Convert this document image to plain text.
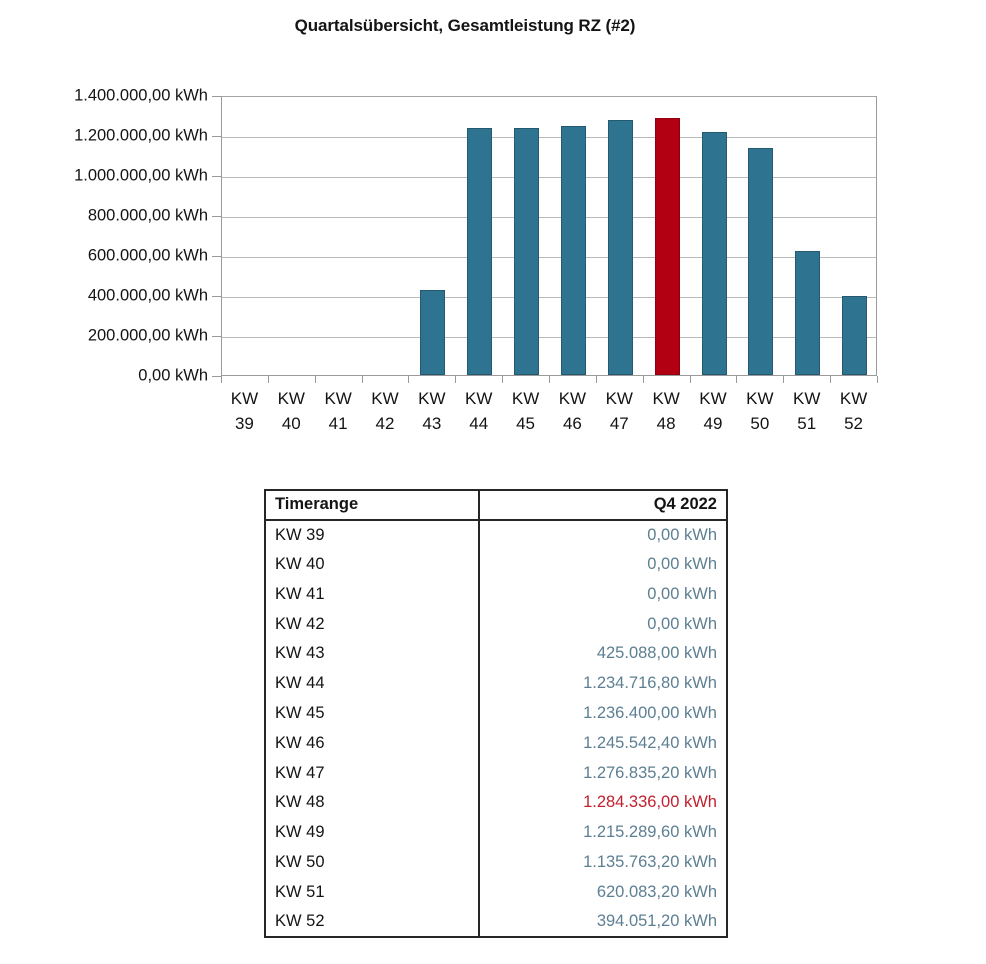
Quartalsübersicht, Gesamtleistung RZ (#2)
1.400.000,00 kWh
1.200.000,00 kWh
1.000.000,00 kWh
800.000,00 kWh
600.000,00 kWh
400.000,00 kWh
200.000,00 kWh
0,00 kWh
KW
39
KW
40
KW
41
KW
42
KW
43
KW
44
KW
45
KW
46
KW
47
KW
48
KW
49
KW
50
KW
51
KW
52
Timerange	Q4 2022
KW 39	0,00 kWh
KW 40	0,00 kWh
KW 41	0,00 kWh
KW 42	0,00 kWh
KW 43	425.088,00 kWh
KW 44	1.234.716,80 kWh
KW 45	1.236.400,00 kWh
KW 46	1.245.542,40 kWh
KW 47	1.276.835,20 kWh
KW 48	1.284.336,00 kWh
KW 49	1.215.289,60 kWh
KW 50	1.135.763,20 kWh
KW 51	620.083,20 kWh
KW 52	394.051,20 kWh
